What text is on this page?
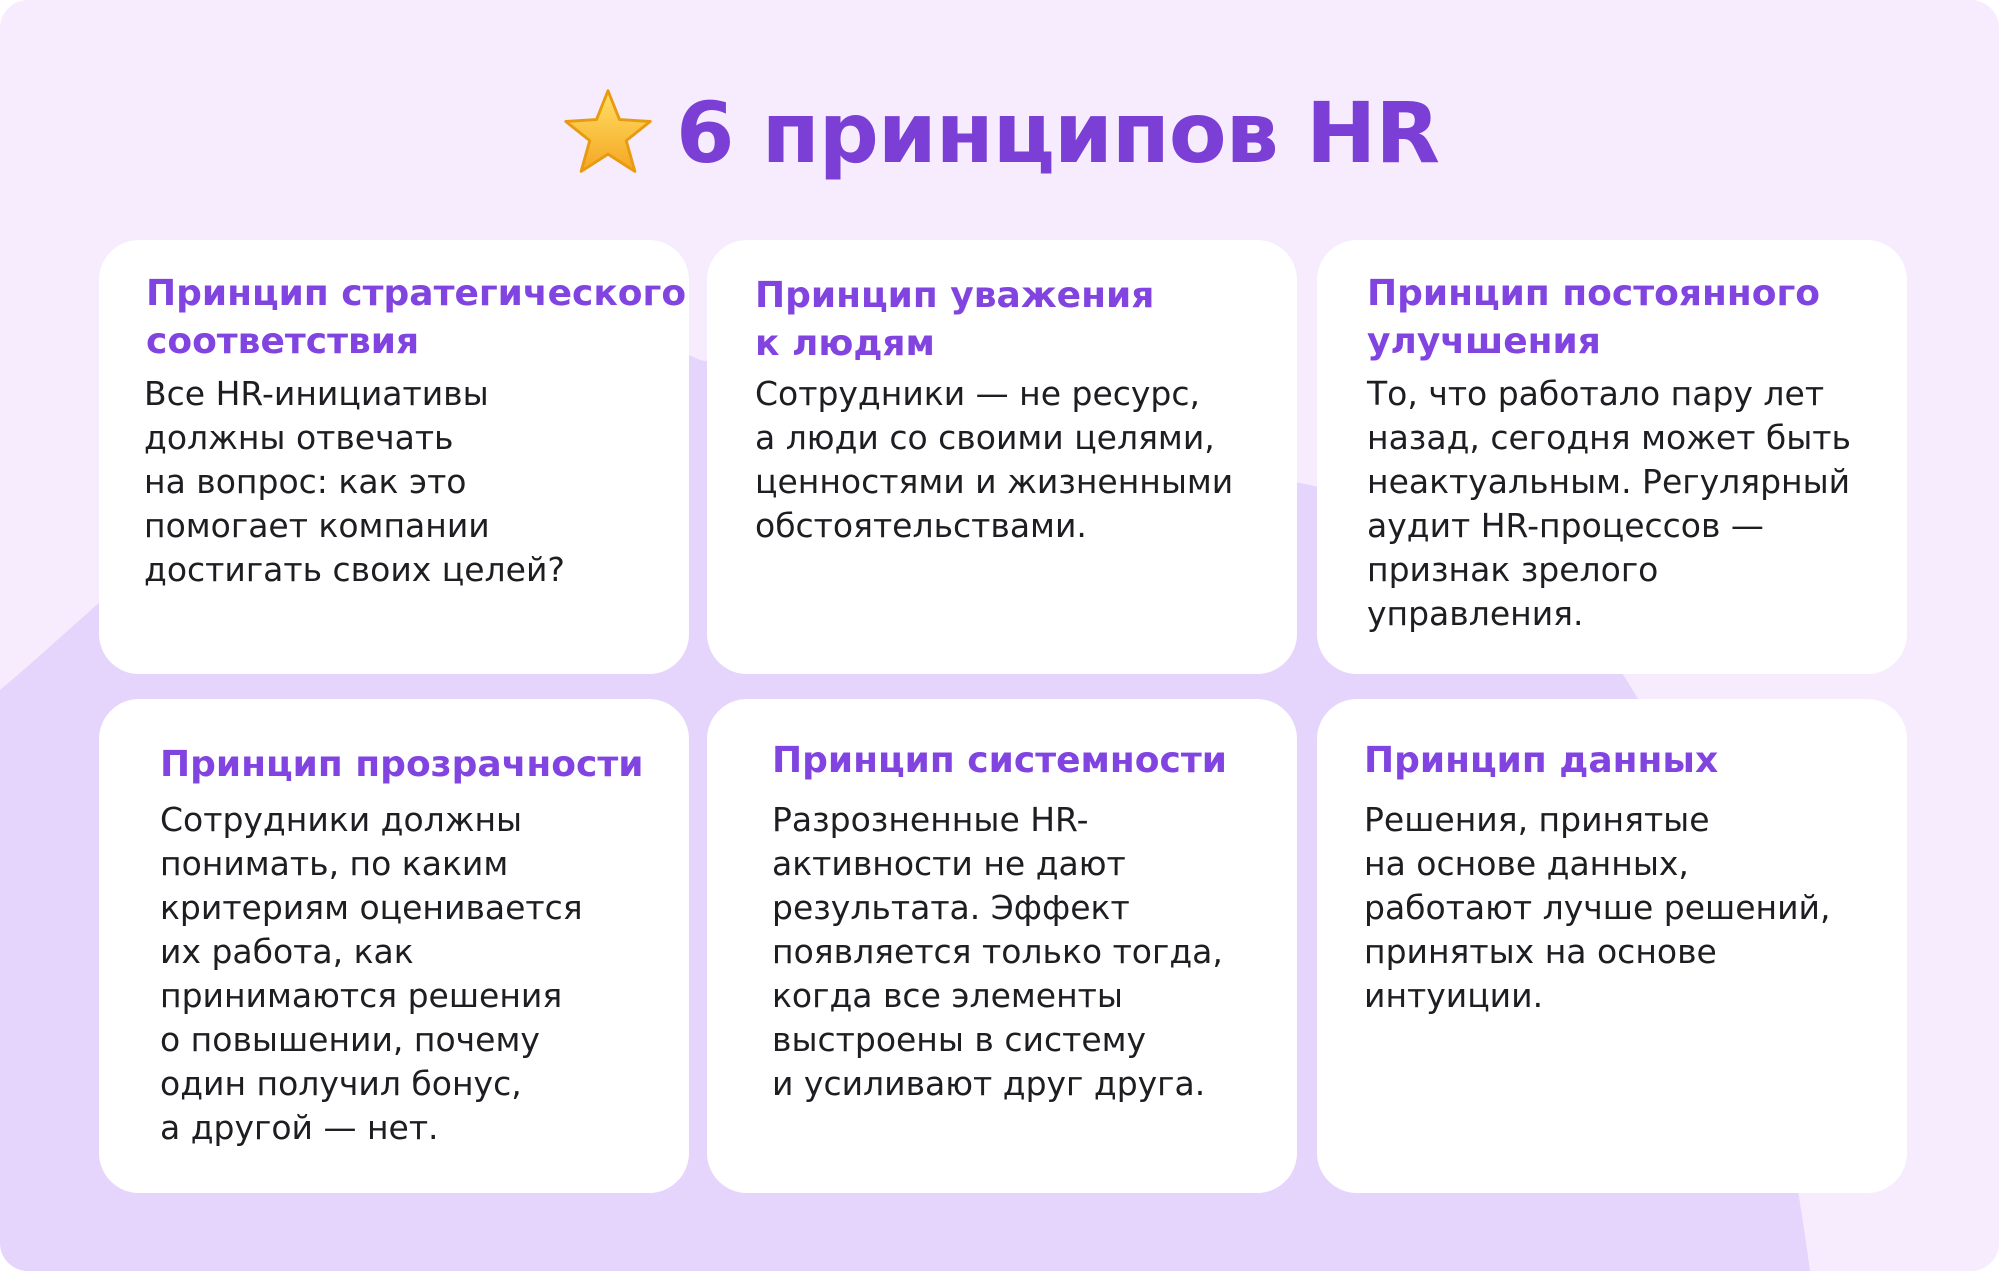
6 принципов HR
Принцип стратегического
соответствия
Все HR-инициативы
должны отвечать
на вопрос: как это
помогает компании
достигать своих целей?
Принцип уважения
к людям
Сотрудники — не ресурс,
а люди со своими целями,
ценностями и жизненными
обстоятельствами.
Принцип постоянного
улучшения
То, что работало пару лет
назад, сегодня может быть
неактуальным. Регулярный
аудит HR-процессов —
признак зрелого
управления.
Принцип прозрачности
Сотрудники должны
понимать, по каким
критериям оценивается
их работа, как
принимаются решения
о повышении, почему
один получил бонус,
а другой — нет.
Принцип системности
Разрозненные HR-
активности не дают
результата. Эффект
появляется только тогда,
когда все элементы
выстроены в систему
и усиливают друг друга.
Принцип данных
Решения, принятые
на основе данных,
работают лучше решений,
принятых на основе
интуиции.
